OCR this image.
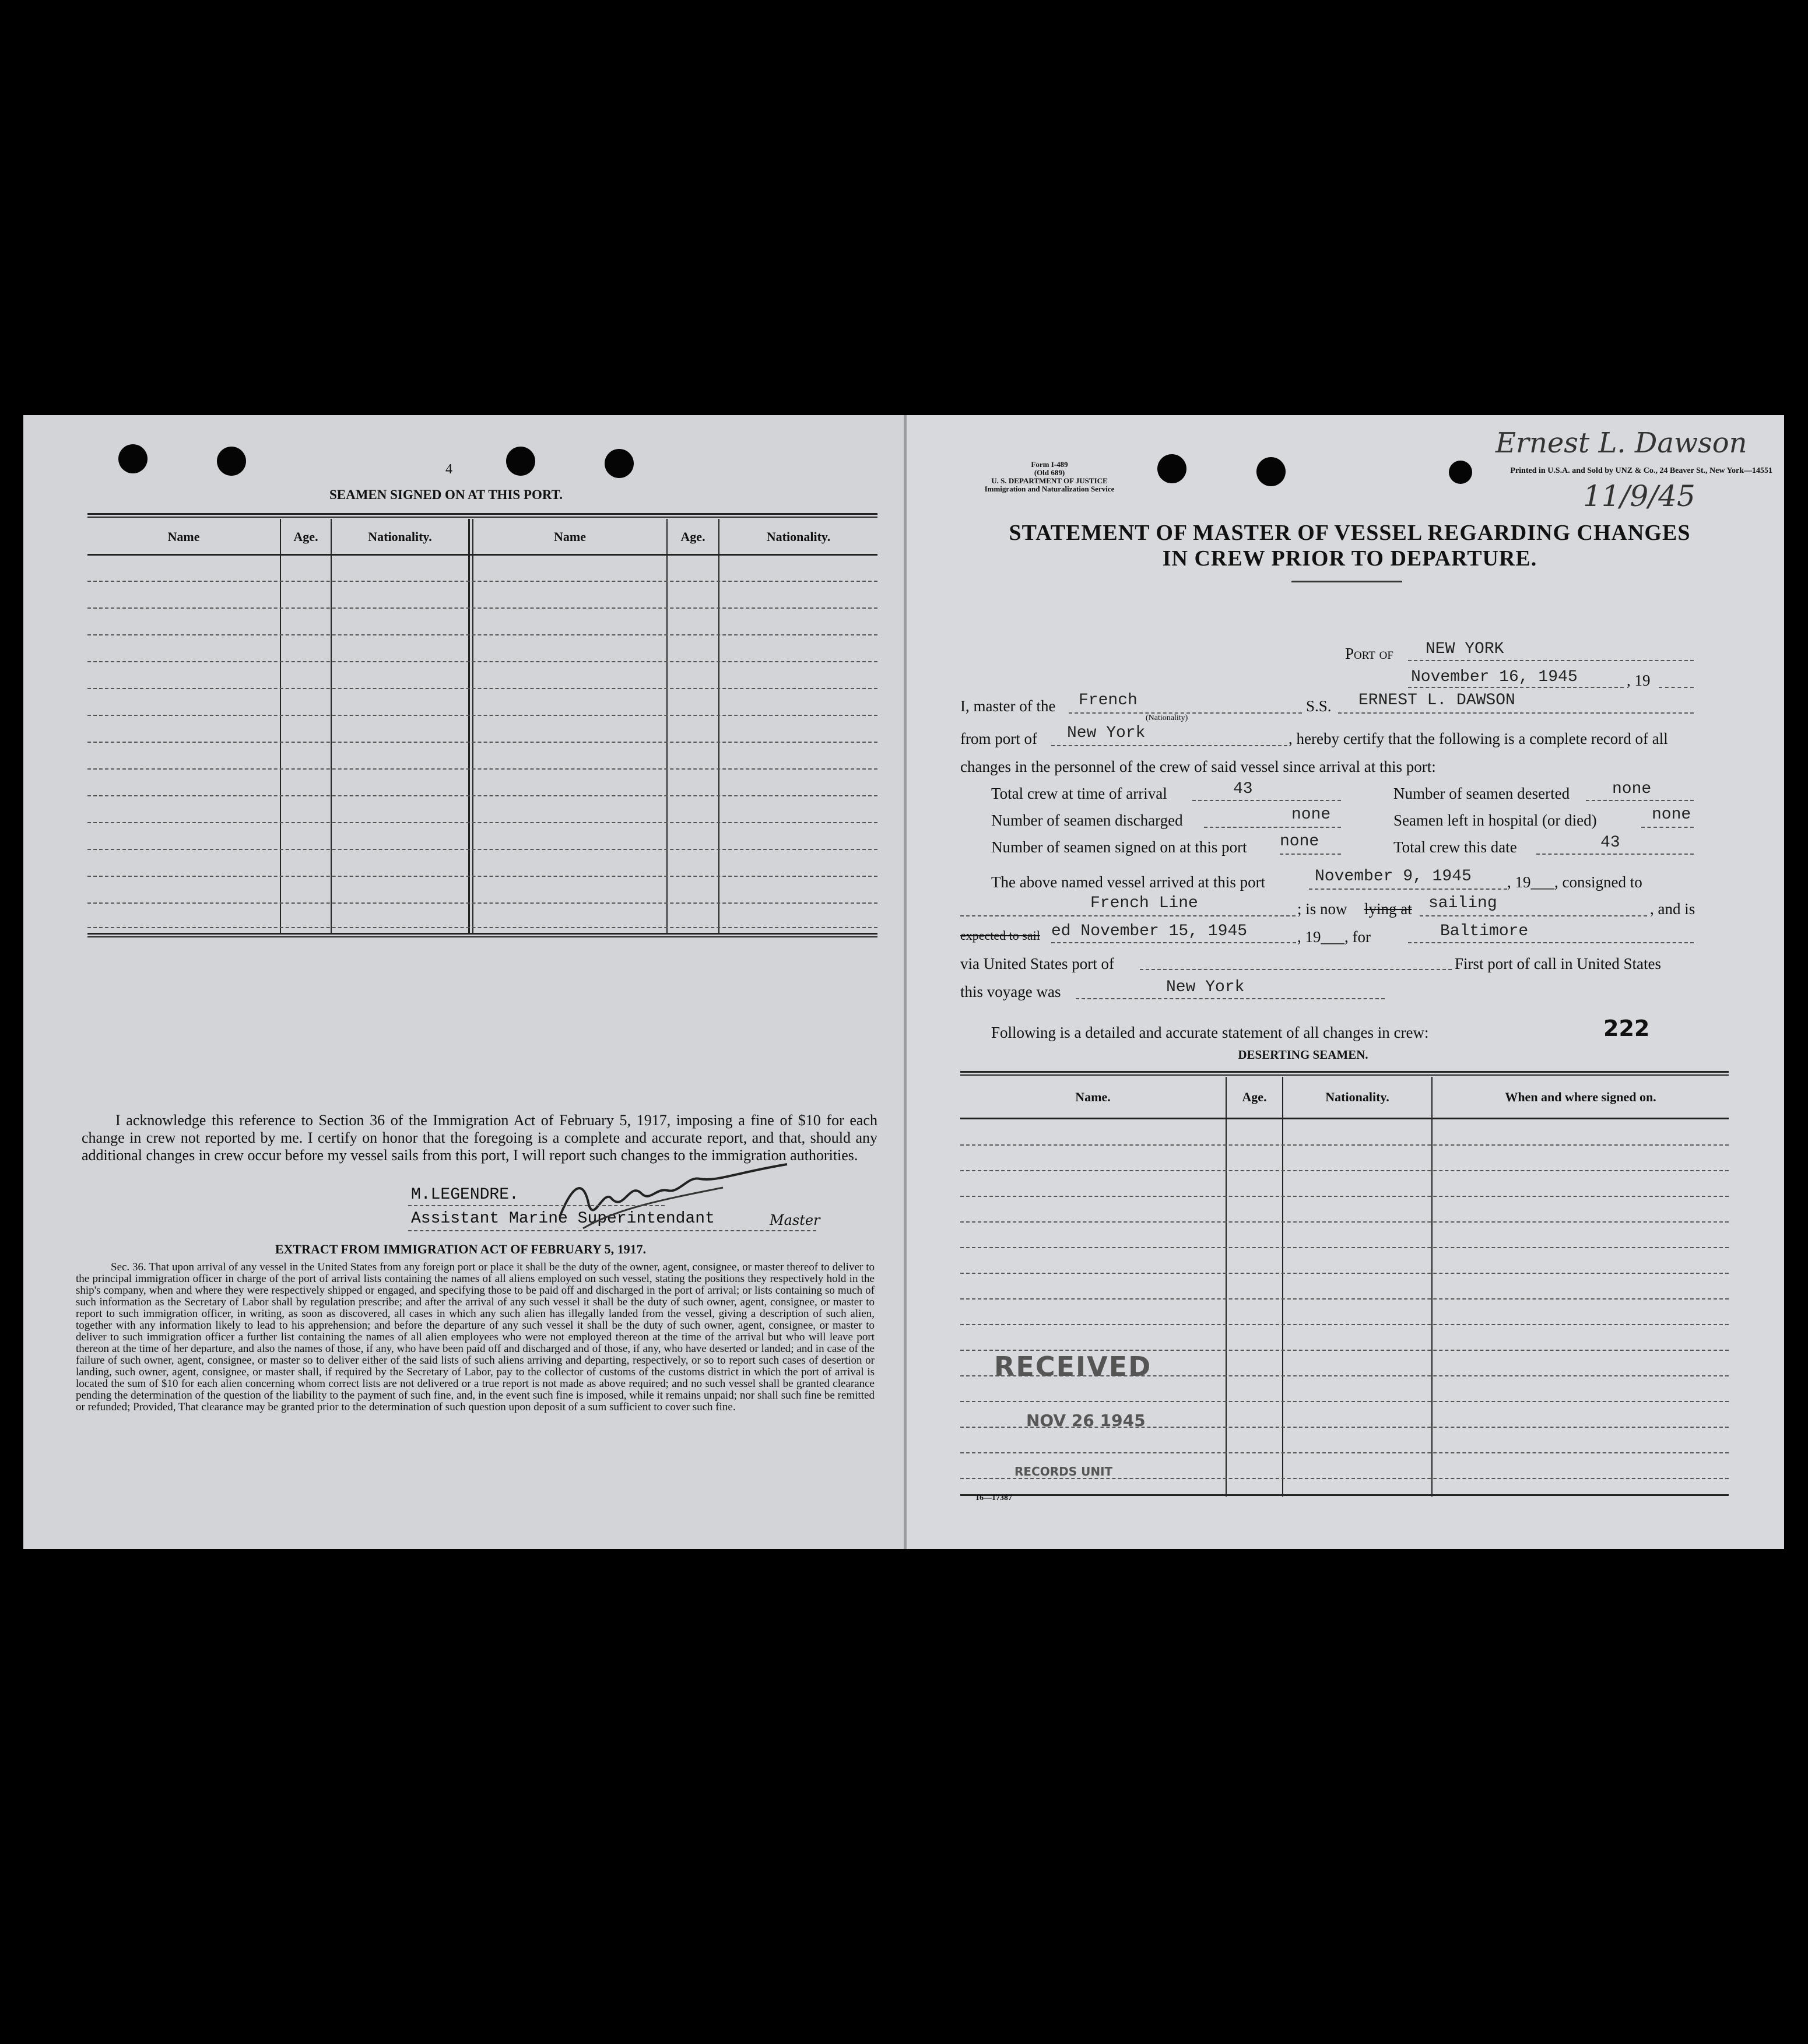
4
SEAMEN SIGNED ON AT THIS PORT.
Name	Age.	Nationality.	Name	Age.	Nationality.
I acknowledge this reference to Section 36 of the Immigration Act of February 5, 1917, imposing a fine of $10 for each change in crew not reported by me. I certify on honor that the foregoing is a complete and accurate report, and that, should any additional changes in crew occur before my vessel sails from this port, I will report such changes to the immigration authorities.
M.LEGENDRE.
Assistant Marine Superintendant	Master
EXTRACT FROM IMMIGRATION ACT OF FEBRUARY 5, 1917.
Sec. 36. That upon arrival of any vessel in the United States from any foreign port or place it shall be the duty of the owner, agent, consignee, or master thereof to deliver to the principal immigration officer in charge of the port of arrival lists containing the names of all aliens employed on such vessel, stating the positions they respectively hold in the ship's company, when and where they were respectively shipped or engaged, and specifying those to be paid off and discharged in the port of arrival; or lists containing so much of such information as the Secretary of Labor shall by regulation prescribe; and after the arrival of any such vessel it shall be the duty of such owner, agent, consignee, or master to report to such immigration officer, in writing, as soon as discovered, all cases in which any such alien has illegally landed from the vessel, giving a description of such alien, together with any information likely to lead to his apprehension; and before the departure of any such vessel it shall be the duty of such owner, agent, consignee, or master to deliver to such immigration officer a further list containing the names of all alien employees who were not employed thereon at the time of the arrival but who will leave port thereon at the time of her departure, and also the names of those, if any, who have been paid off and discharged and of those, if any, who have deserted or landed; and in case of the failure of such owner, agent, consignee, or master so to deliver either of the said lists of such aliens arriving and departing, respectively, or so to report such cases of desertion or landing, such owner, agent, consignee, or master shall, if required by the Secretary of Labor, pay to the collector of customs of the customs district in which the port of arrival is located the sum of $10 for each alien concerning whom correct lists are not delivered or a true report is not made as above required; and no such vessel shall be granted clearance pending the determination of the question of the liability to the payment of such fine, and, in the event such fine is imposed, while it remains unpaid; nor shall such fine be remitted or refunded; Provided, That clearance may be granted prior to the determination of such question upon deposit of a sum sufficient to cover such fine.
Form I-489
(Old 689)
U. S. DEPARTMENT OF JUSTICE
Immigration and Naturalization Service
Printed in U.S.A. and Sold by UNZ & Co., 24 Beaver St., New York—14551
Ernest L. Dawson
11/9/45
STATEMENT OF MASTER OF VESSEL REGARDING CHANGES
IN CREW PRIOR TO DEPARTURE.
Port of NEW YORK
November 16, 1945	, 19
I, master of the French
(Nationality)
S.S. ERNEST L. DAWSON
from port of New York	, hereby certify that the following is a complete record of all
changes in the personnel of the crew of said vessel since arrival at this port:
Total crew at time of arrival	43	Number of seamen deserted	none
Number of seamen discharged	none	Seamen left in hospital (or died)	none
Number of seamen signed on at this port none	Total crew this date	43
The above named vessel arrived at this port	November 9, 1945 , 19___, consigned to
French Line	; is now lying at sailing	, and is
expected to sail ed November 15, 1945	, 19___, for	Baltimore
via United States port of	First port of call in United States
this voyage was	New York
Following is a detailed and accurate statement of all changes in crew:	222
DESERTING SEAMEN.
Name.	Age.	Nationality.	When and where signed on.
RECEIVED
NOV 26 1945
RECORDS UNIT
16—17387
